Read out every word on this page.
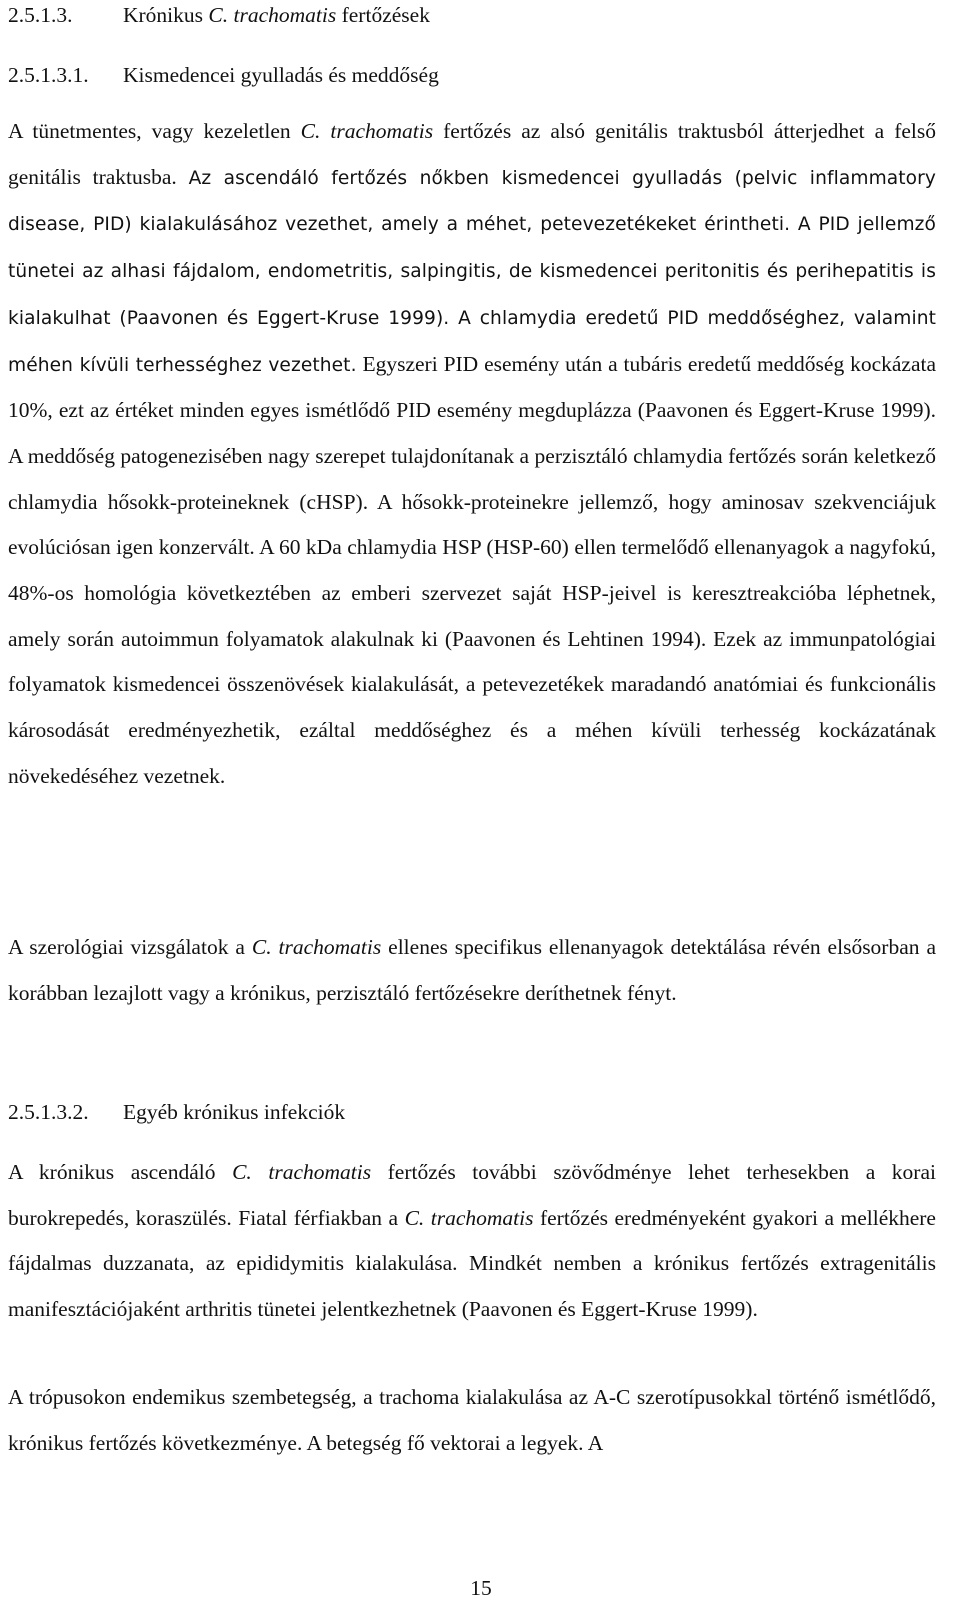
2.5.1.3. Krónikus C. trachomatis fertőzések
2.5.1.3.1. Kismedencei gyulladás és meddőség

A tünetmentes, vagy kezeletlen C. trachomatis fertőzés az alsó genitális traktusból átterjedhet a felső genitális traktusba. Az ascendáló fertőzés nőkben kismedencei gyulladás (pelvic inflammatory disease, PID) kialakulásához vezethet, amely a méhet, petevezetékeket érintheti. A PID jellemző tünetei az alhasi fájdalom, endometritis, salpingitis, de kismedencei peritonitis és perihepatitis is kialakulhat (Paavonen és Eggert-Kruse 1999). A chlamydia eredetű PID meddőséghez, valamint méhen kívüli terhességhez vezethet. Egyszeri PID esemény után a tubáris eredetű meddőség kockázata 10%, ezt az értéket minden egyes ismétlődő PID esemény megduplázza (Paavonen és Eggert-Kruse 1999). A meddőség patogenezisében nagy szerepet tulajdonítanak a perzisztáló chlamydia fertőzés során keletkező chlamydia hősokk-proteineknek (cHSP). A hősokk-proteinekre jellemző, hogy aminosav szekvenciájuk evolúciósan igen konzervált. A 60 kDa chlamydia HSP (HSP-60) ellen termelődő ellenanyagok a nagyfokú, 48%-os homológia következtében az emberi szervezet saját HSP-jeivel is keresztreakcióba léphetnek, amely során autoimmun folyamatok alakulnak ki (Paavonen és Lehtinen 1994). Ezek az immunpatológiai folyamatok kismedencei összenövések kialakulását, a petevezetékek maradandó anatómiai és funkcionális károsodását eredményezhetik, ezáltal meddőséghez és a méhen kívüli terhesség kockázatának növekedéséhez vezetnek.

A szerológiai vizsgálatok a C. trachomatis ellenes specifikus ellenanyagok detektálása révén elsősorban a korábban lezajlott vagy a krónikus, perzisztáló fertőzésekre deríthetnek fényt.

2.5.1.3.2. Egyéb krónikus infekciók

A krónikus ascendáló C. trachomatis fertőzés további szövődménye lehet terhesekben a korai burokrepedés, koraszülés. Fiatal férfiakban a C. trachomatis fertőzés eredményeként gyakori a mellékhere fájdalmas duzzanata, az epididymitis kialakulása. Mindkét nemben a krónikus fertőzés extragenitális manifesztációjaként arthritis tünetei jelentkezhetnek (Paavonen és Eggert-Kruse 1999).

A trópusokon endemikus szembetegség, a trachoma kialakulása az A-C szerotípusokkal történő ismétlődő, krónikus fertőzés következménye. A betegség fő vektorai a legyek. A

15
